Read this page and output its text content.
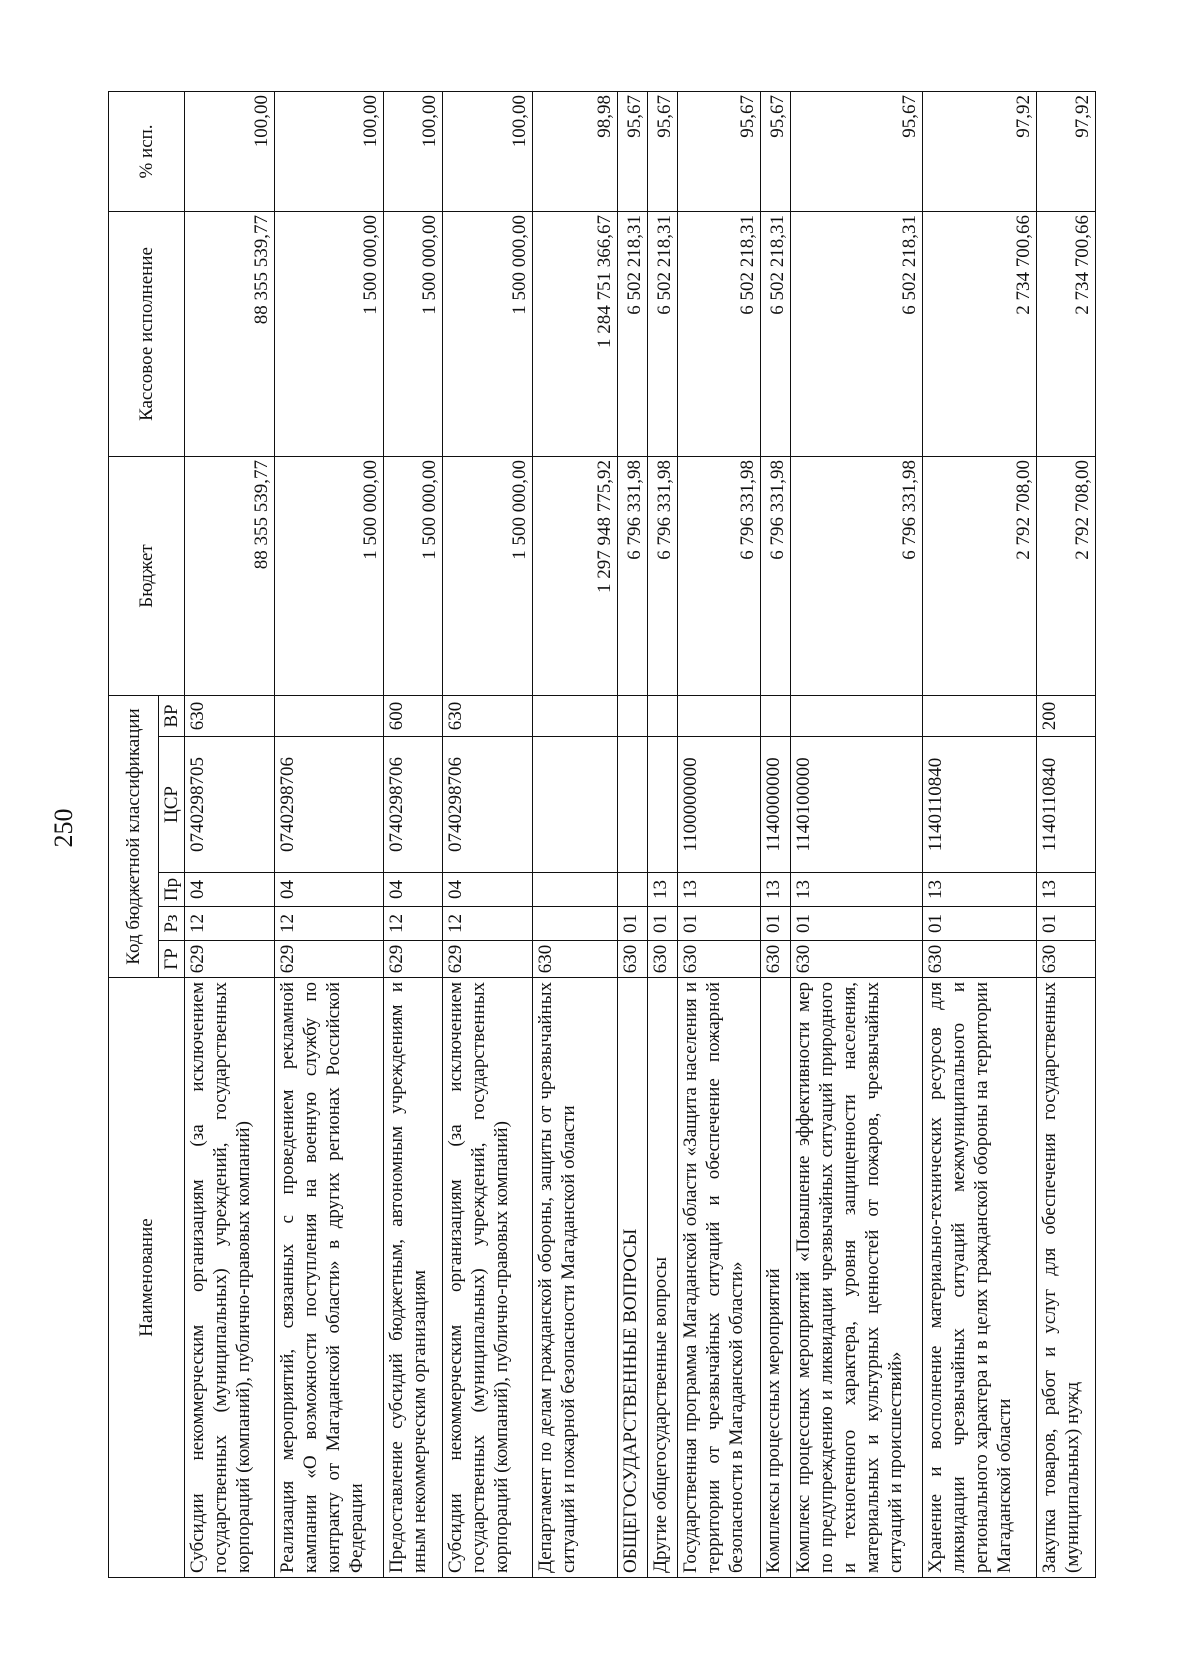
250
Наименование	Код бюджетной классификации					Бюджет	Кассовое исполнение	% исп.
	ГР	Рз	Пр	ЦСР	ВР			
Субсидии некоммерческим организациям (за исключением государственных (муниципальных) учреждений, государственных корпораций (компаний), публично-правовых компаний)	629	12	04	0740298705	630	88 355 539,77	88 355 539,77	100,00
Реализация мероприятий, связанных с проведением рекламной кампании «О возможности поступления на военную службу по контракту от Магаданской области» в других регионах Российской Федерации	629	12	04	0740298706		1 500 000,00	1 500 000,00	100,00
Предоставление субсидий бюджетным, автономным учреждениям и иным некоммерческим организациям	629	12	04	0740298706	600	1 500 000,00	1 500 000,00	100,00
Субсидии некоммерческим организациям (за исключением государственных (муниципальных) учреждений, государственных корпораций (компаний), публично-правовых компаний)	629	12	04	0740298706	630	1 500 000,00	1 500 000,00	100,00
Департамент по делам гражданской обороны, защиты от чрезвычайных ситуаций и пожарной безопасности Магаданской области	630					1 297 948 775,92	1 284 751 366,67	98,98
ОБЩЕГОСУДАРСТВЕННЫЕ ВОПРОСЫ	630	01				6 796 331,98	6 502 218,31	95,67
Другие общегосударственные вопросы	630	01	13			6 796 331,98	6 502 218,31	95,67
Государственная программа Магаданской области «Защита населения и территории от чрезвычайных ситуаций и обеспечение пожарной безопасности в Магаданской области»	630	01	13	1100000000		6 796 331,98	6 502 218,31	95,67
Комплексы процессных мероприятий	630	01	13	1140000000		6 796 331,98	6 502 218,31	95,67
Комплекс процессных мероприятий «Повышение эффективности мер по предупреждению и ликвидации чрезвычайных ситуаций природного и техногенного характера, уровня защищенности населения, материальных и культурных ценностей от пожаров, чрезвычайных ситуаций и происшествий»	630	01	13	1140100000		6 796 331,98	6 502 218,31	95,67
Хранение и восполнение материально-технических ресурсов для ликвидации чрезвычайных ситуаций межмуниципального и регионального характера и в целях гражданской обороны на территории Магаданской области	630	01	13	1140110840		2 792 708,00	2 734 700,66	97,92
Закупка товаров, работ и услуг для обеспечения государственных (муниципальных) нужд	630	01	13	1140110840	200	2 792 708,00	2 734 700,66	97,92
